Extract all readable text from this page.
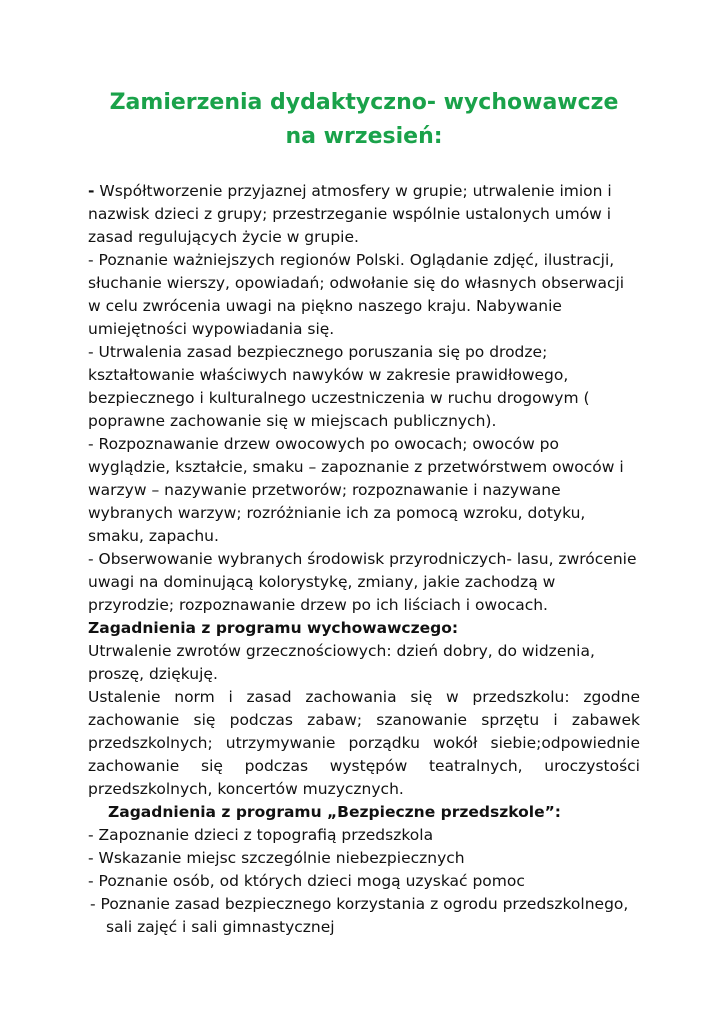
Zamierzenia dydaktyczno- wychowawcze
na wrzesień:

- Współtworzenie przyjaznej atmosfery w grupie; utrwalenie imion i nazwisk dzieci z grupy; przestrzeganie wspólnie ustalonych umów i zasad regulujących życie w grupie.

- Poznanie ważniejszych regionów Polski. Oglądanie zdjęć, ilustracji, słuchanie wierszy, opowiadań; odwołanie się do własnych obserwacji w celu zwrócenia uwagi na piękno naszego kraju. Nabywanie umiejętności wypowiadania się.

- Utrwalenia zasad bezpiecznego poruszania się po drodze; kształtowanie właściwych nawyków w zakresie prawidłowego, bezpiecznego i kulturalnego uczestniczenia w ruchu drogowym ( poprawne zachowanie się w miejscach publicznych).

- Rozpoznawanie drzew owocowych po owocach; owoców po wyglądzie, kształcie, smaku – zapoznanie z przetwórstwem owoców i warzyw – nazywanie przetworów; rozpoznawanie i nazywane wybranych warzyw; rozróżnianie ich za pomocą wzroku, dotyku, smaku, zapachu.

- Obserwowanie wybranych środowisk przyrodniczych- lasu, zwrócenie uwagi na dominującą kolorystykę, zmiany, jakie zachodzą w przyrodzie; rozpoznawanie drzew po ich liściach i owocach.

Zagadnienia z programu wychowawczego:

Utrwalenie zwrotów grzecznościowych: dzień dobry, do widzenia, proszę, dziękuję.

Ustalenie norm i zasad zachowania się w przedszkolu: zgodne zachowanie się podczas zabaw; szanowanie sprzętu i zabawek przedszkolnych; utrzymywanie porządku wokół siebie;odpowiednie zachowanie się podczas występów teatralnych, uroczystości przedszkolnych, koncertów muzycznych.

Zagadnienia z programu „Bezpieczne przedszkole”:

- Zapoznanie dzieci z topografią przedszkola

- Wskazanie miejsc szczególnie niebezpiecznych

- Poznanie osób, od których dzieci mogą uzyskać pomoc

- Poznanie zasad bezpiecznego korzystania z ogrodu przedszkolnego, sali zajęć i sali gimnastycznej
